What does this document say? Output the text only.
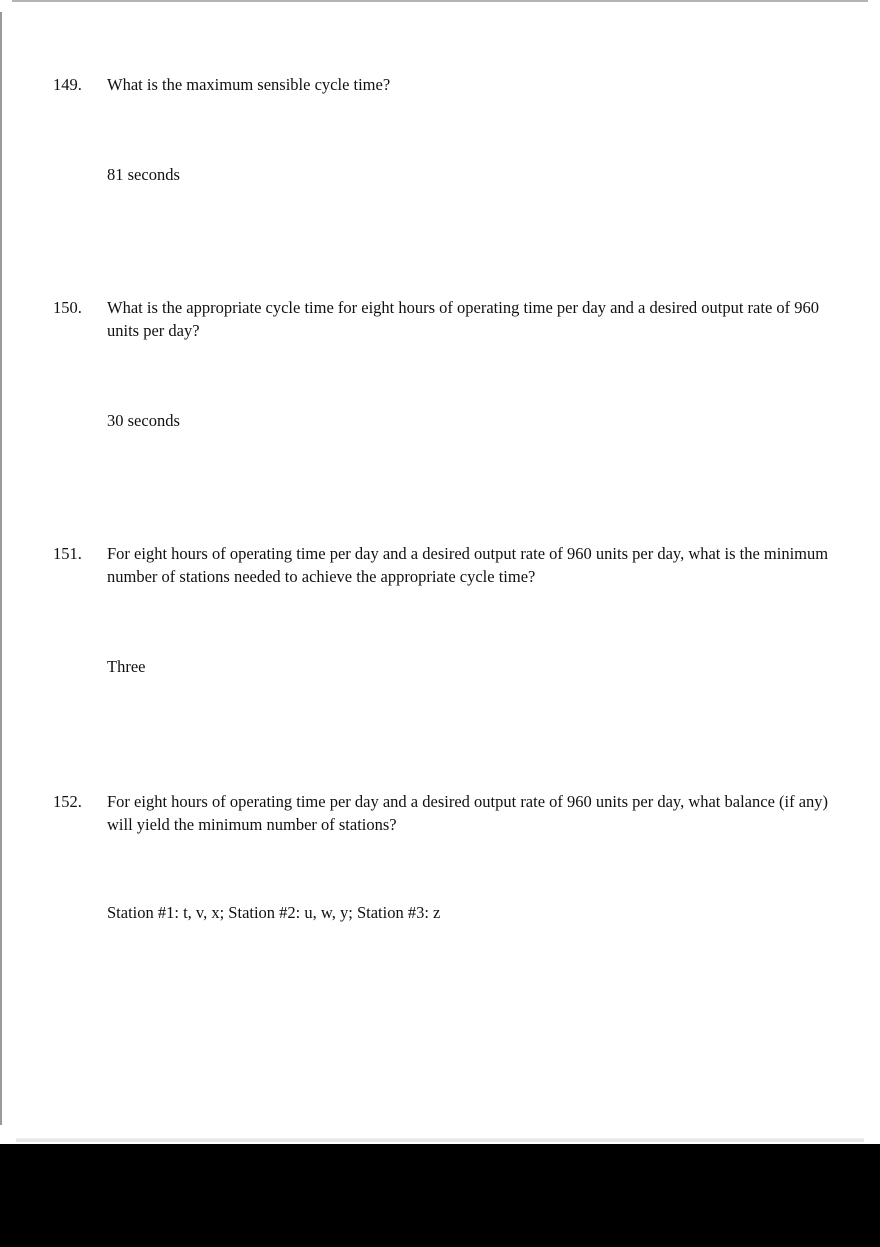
149. What is the maximum sensible cycle time?
81 seconds
150. What is the appropriate cycle time for eight hours of operating time per day and a desired output rate of 960 units per day?
30 seconds
151. For eight hours of operating time per day and a desired output rate of 960 units per day, what is the minimum number of stations needed to achieve the appropriate cycle time?
Three
152. For eight hours of operating time per day and a desired output rate of 960 units per day, what balance (if any) will yield the minimum number of stations?
Station #1: t, v, x; Station #2: u, w, y; Station #3: z
